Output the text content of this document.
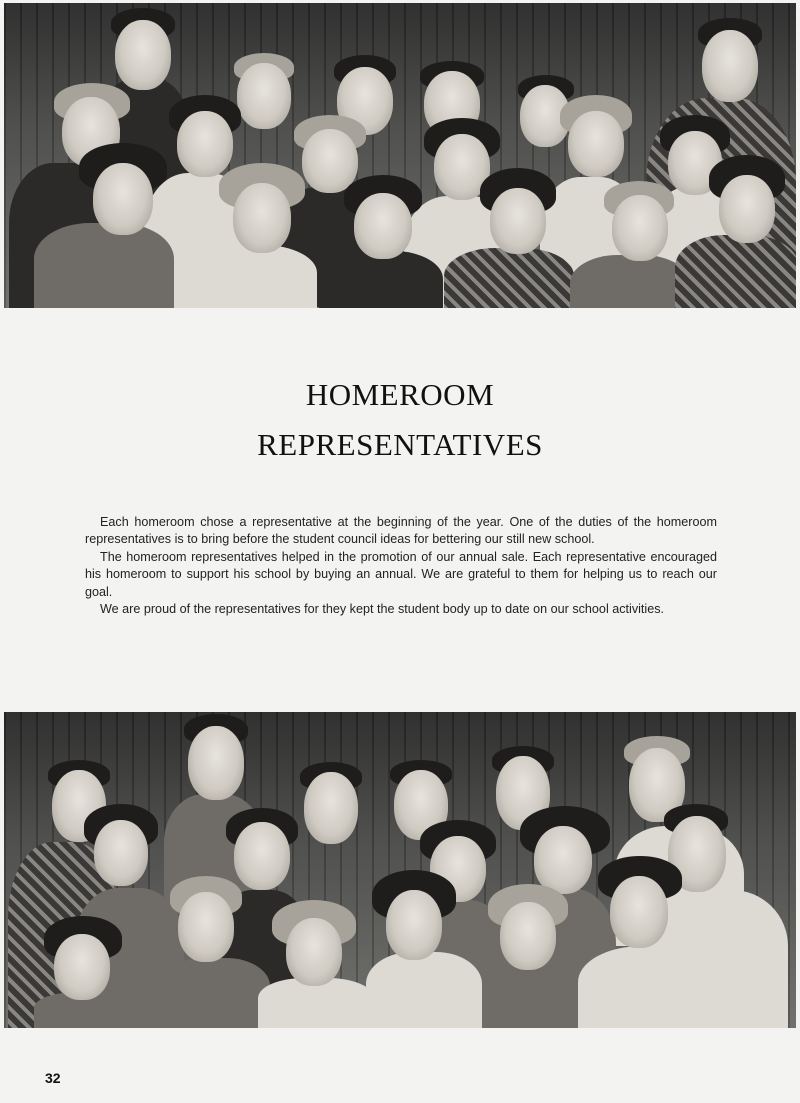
HOMEROOM
REPRESENTATIVES

Each homeroom chose a representative at the beginning of the year. One of the duties of the homeroom representatives is to bring before the student council ideas for bettering our still new school.

The homeroom representatives helped in the promotion of our annual sale. Each representative encouraged his homeroom to support his school by buying an annual. We are grateful to them for helping us to reach our goal.

We are proud of the representatives for they kept the student body up to date on our school activities.

32
